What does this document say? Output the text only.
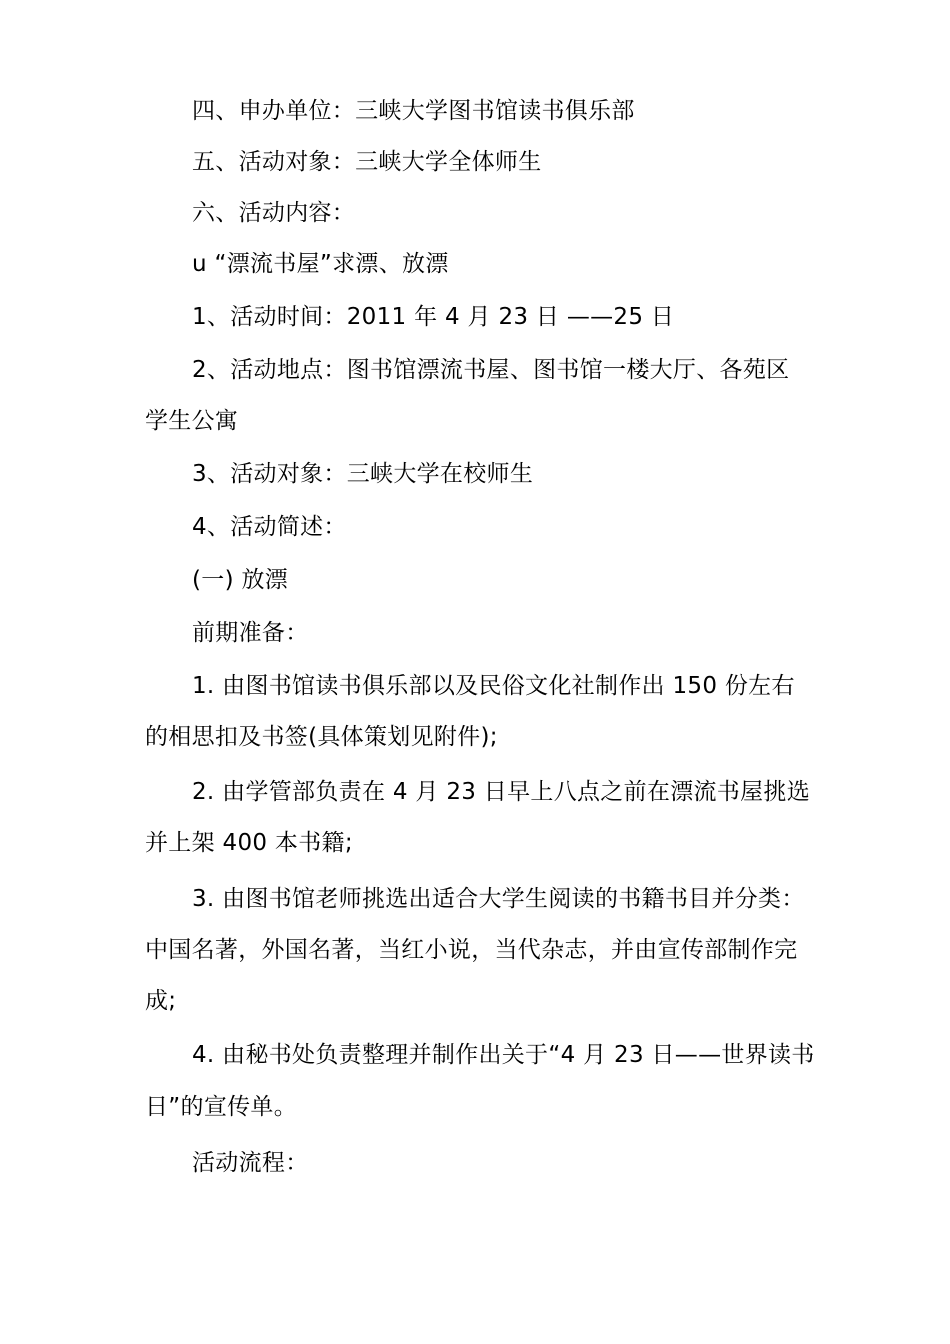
四、申办单位：三峡大学图书馆读书俱乐部
五、活动对象：三峡大学全体师生
六、活动内容：
u “漂流书屋”求漂、放漂
1、活动时间：2011 年 4 月 23 日 ——25 日
2、活动地点：图书馆漂流书屋、图书馆一楼大厅、各苑区
学生公寓
3、活动对象：三峡大学在校师生
4、活动简述：
(一) 放漂
前期准备：
1. 由图书馆读书俱乐部以及民俗文化社制作出 150 份左右
的相思扣及书签(具体策划见附件);
2. 由学管部负责在 4 月 23 日早上八点之前在漂流书屋挑选
并上架 400 本书籍;
3. 由图书馆老师挑选出适合大学生阅读的书籍书目并分类：
中国名著，外国名著，当红小说，当代杂志，并由宣传部制作完
成;
4. 由秘书处负责整理并制作出关于“4 月 23 日——世界读书
日”的宣传单。
活动流程：
